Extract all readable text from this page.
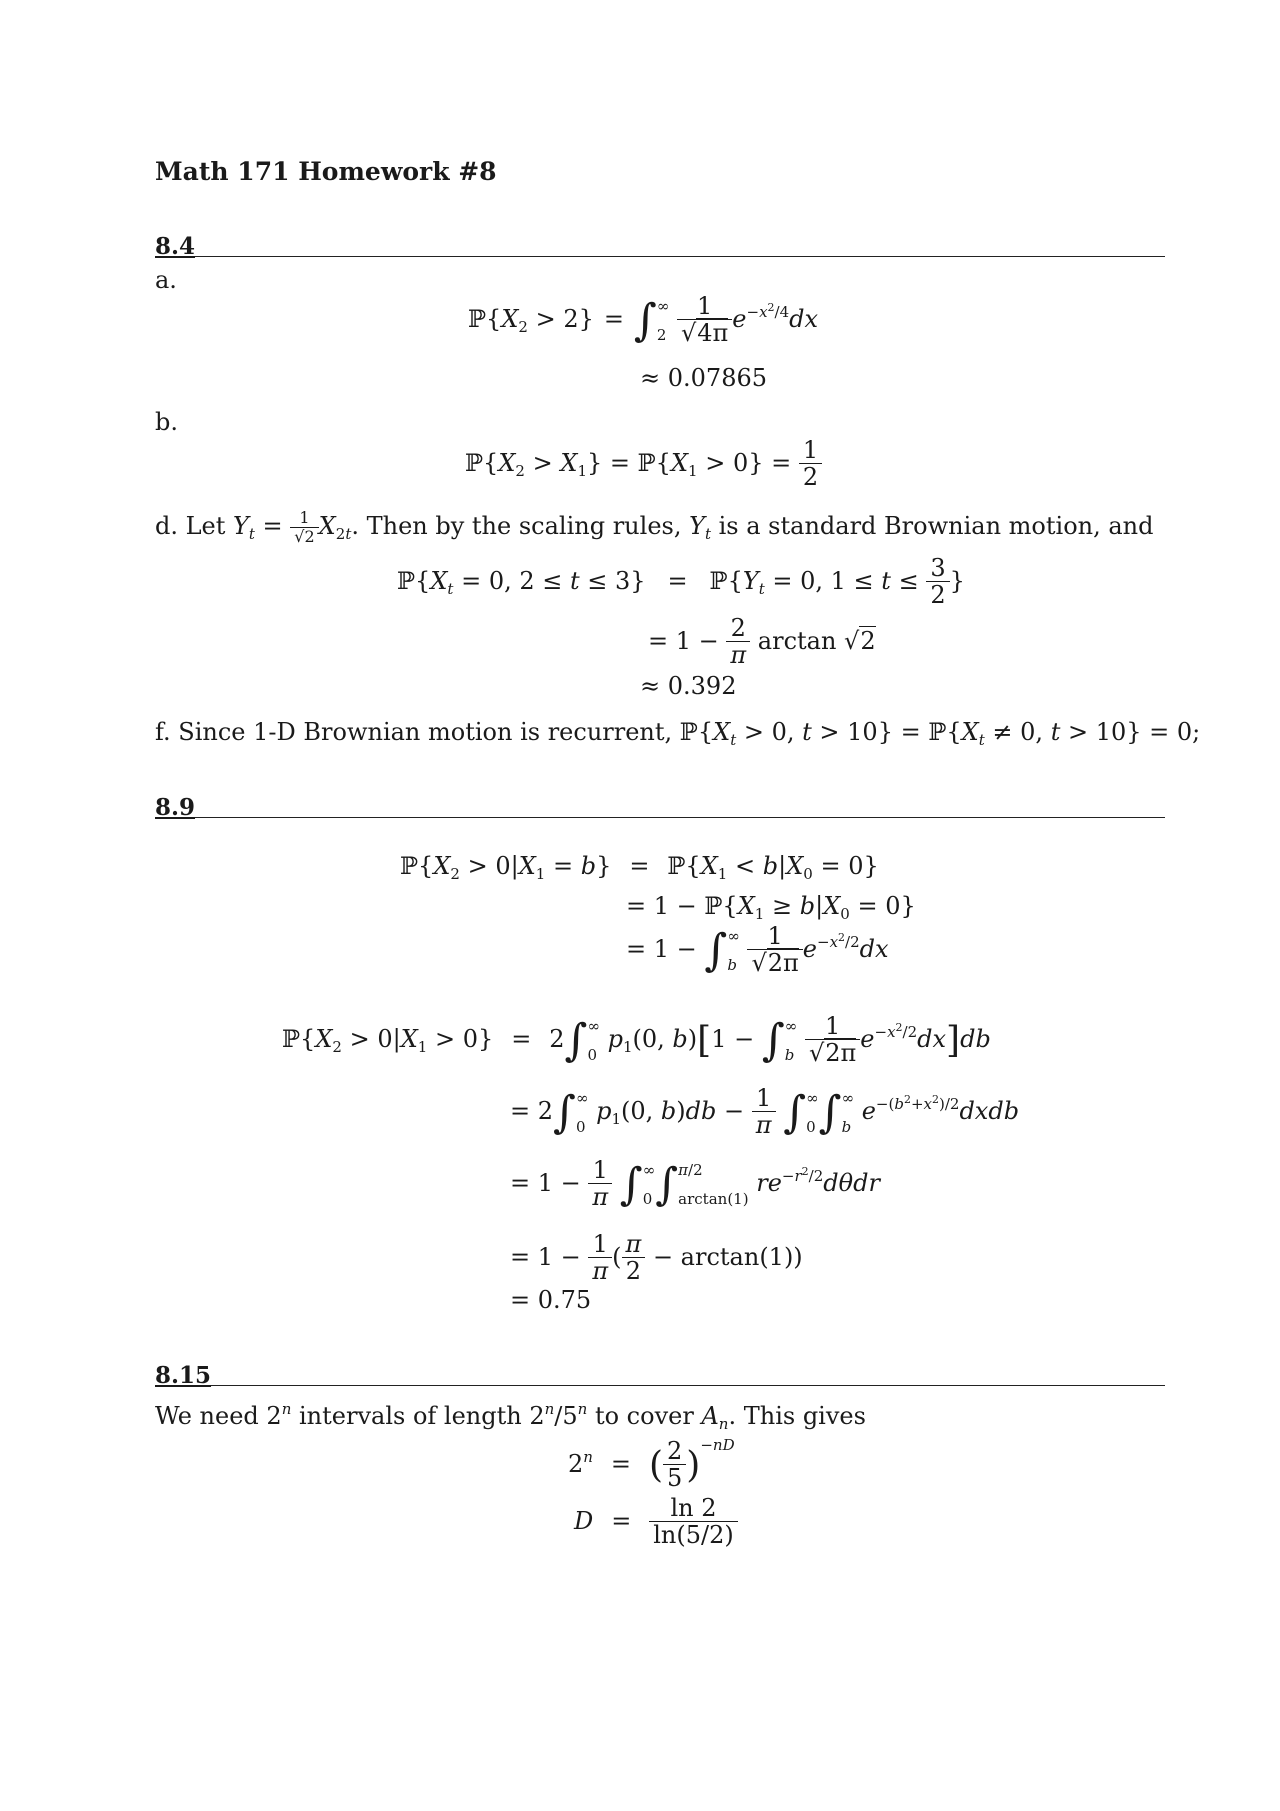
Math 171 Homework #8
8.4
a.
$ℙ\{X_2 > 2\}$ = ∫ ∞
2
$\frac{1}{√4\pi} e^{-x^2/4}dx$
≈ 0.07865
b.
$ℙ\{X_2 > X_1\}$ = $ℙ\{X_1 > 0\} = \frac{1}{2}$
d. Let $Y_t = \frac{1}{√2} X_{2t}$. Then by the scaling rules, $Y_t$ is a standard Brownian motion, and
$ℙ\{X_t = 0$, $2 \le t \le 3\} = ℙ\{Y_t = 0$, $1 \le t \le \frac{3}{2}$ }
= $1 - \frac{2}{\pi}$ arctan √2
≈ 0.392
f. Since 1-D Brownian motion is recurrent, $ℙ\{X_t > 0$, $t > 10\} = ℙ\{X_t \ne 0$, t > 10} = 0;
8.9
$ℙ\{X_2 > 0|X_1 = b\}$ = $ℙ\{X_1 < b|X_0 = 0\}$
= $1 - ℙ\{X_1 \ge b|X_0 = 0\}$
= 1 − ∫ ∞
b
$\frac{1}{√2\pi} e^{-x^2/2}dx$
$ℙ\{X_2 > 0|X_1 > 0\} = 2\int$ ∞
0
$p_1(0$, b)[1 − ∫ ∞
b
$\frac{1}{√2\pi} e^{-x^2/2}dx]db$
= 2∫ ∞
0
$p_1(0$, $b)db - \frac{1}{\pi}$ ∫ ∞
0 ∫ ∞
b
$e^{-(b^2+x^2)/2}dxdb$
= $1 - \frac{1}{\pi}$ ∫ ∞
0 ∫ π/2
arctan(1)
$re^{-r^2/2}d\theta dr$
= $1 - \frac{1}{\pi}$ ( $\frac{\pi}{2} - \arctan(1)$)
= 0.75
8.15
We need 2$^n$ intervals of length 2$^n$/5$^n$ to cover $A_n$. This gives
$2^n$ = ( $\frac{2}{5} )^{-nD}$
$D = \frac{\ln 2}{\ln(5/2)}$
